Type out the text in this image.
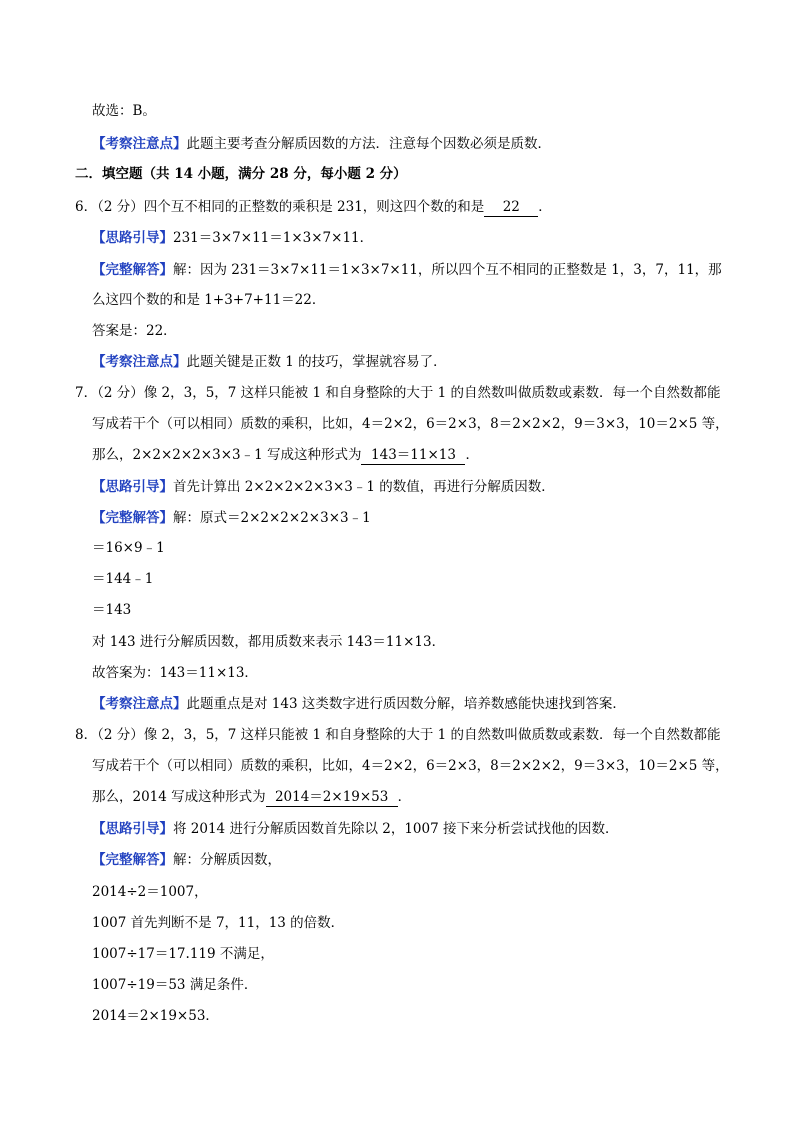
故选：B。
【考察注意点】此题主要考查分解质因数的方法．注意每个因数必须是质数．
二．填空题（共 14 小题，满分 28 分，每小题 2 分）
6．（2 分）四个互不相同的正整数的乘积是 231，则这四个数的和是 22 ．
【思路引导】231＝3×7×11＝1×3×7×11．
【完整解答】解：因为 231＝3×7×11＝1×3×7×11，所以四个互不相同的正整数是 1，3，7，11，那
么这四个数的和是 1+3+7+11＝22．
答案是：22．
【考察注意点】此题关键是正数 1 的技巧，掌握就容易了．
7．（2 分）像 2，3，5，7 这样只能被 1 和自身整除的大于 1 的自然数叫做质数或素数．每一个自然数都能
写成若干个（可以相同）质数的乘积，比如，4＝2×2，6＝2×3，8＝2×2×2，9＝3×3，10＝2×5 等，
那么，2×2×2×2×3×3﹣1 写成这种形式为 143＝11×13 ．
【思路引导】首先计算出 2×2×2×2×3×3﹣1 的数值，再进行分解质因数．
【完整解答】解：原式＝2×2×2×2×3×3﹣1
＝16×9﹣1
＝144﹣1
＝143
对 143 进行分解质因数，都用质数来表示 143＝11×13．
故答案为：143＝11×13．
【考察注意点】此题重点是对 143 这类数字进行质因数分解，培养数感能快速找到答案．
8．（2 分）像 2，3，5，7 这样只能被 1 和自身整除的大于 1 的自然数叫做质数或素数．每一个自然数都能
写成若干个（可以相同）质数的乘积，比如，4＝2×2，6＝2×3，8＝2×2×2，9＝3×3，10＝2×5 等，
那么，2014 写成这种形式为 2014＝2×19×53 ．
【思路引导】将 2014 进行分解质因数首先除以 2，1007 接下来分析尝试找他的因数．
【完整解答】解：分解质因数，
2014÷2＝1007，
1007 首先判断不是 7，11，13 的倍数．
1007÷17＝17.119 不满足，
1007÷19＝53 满足条件．
2014＝2×19×53．
